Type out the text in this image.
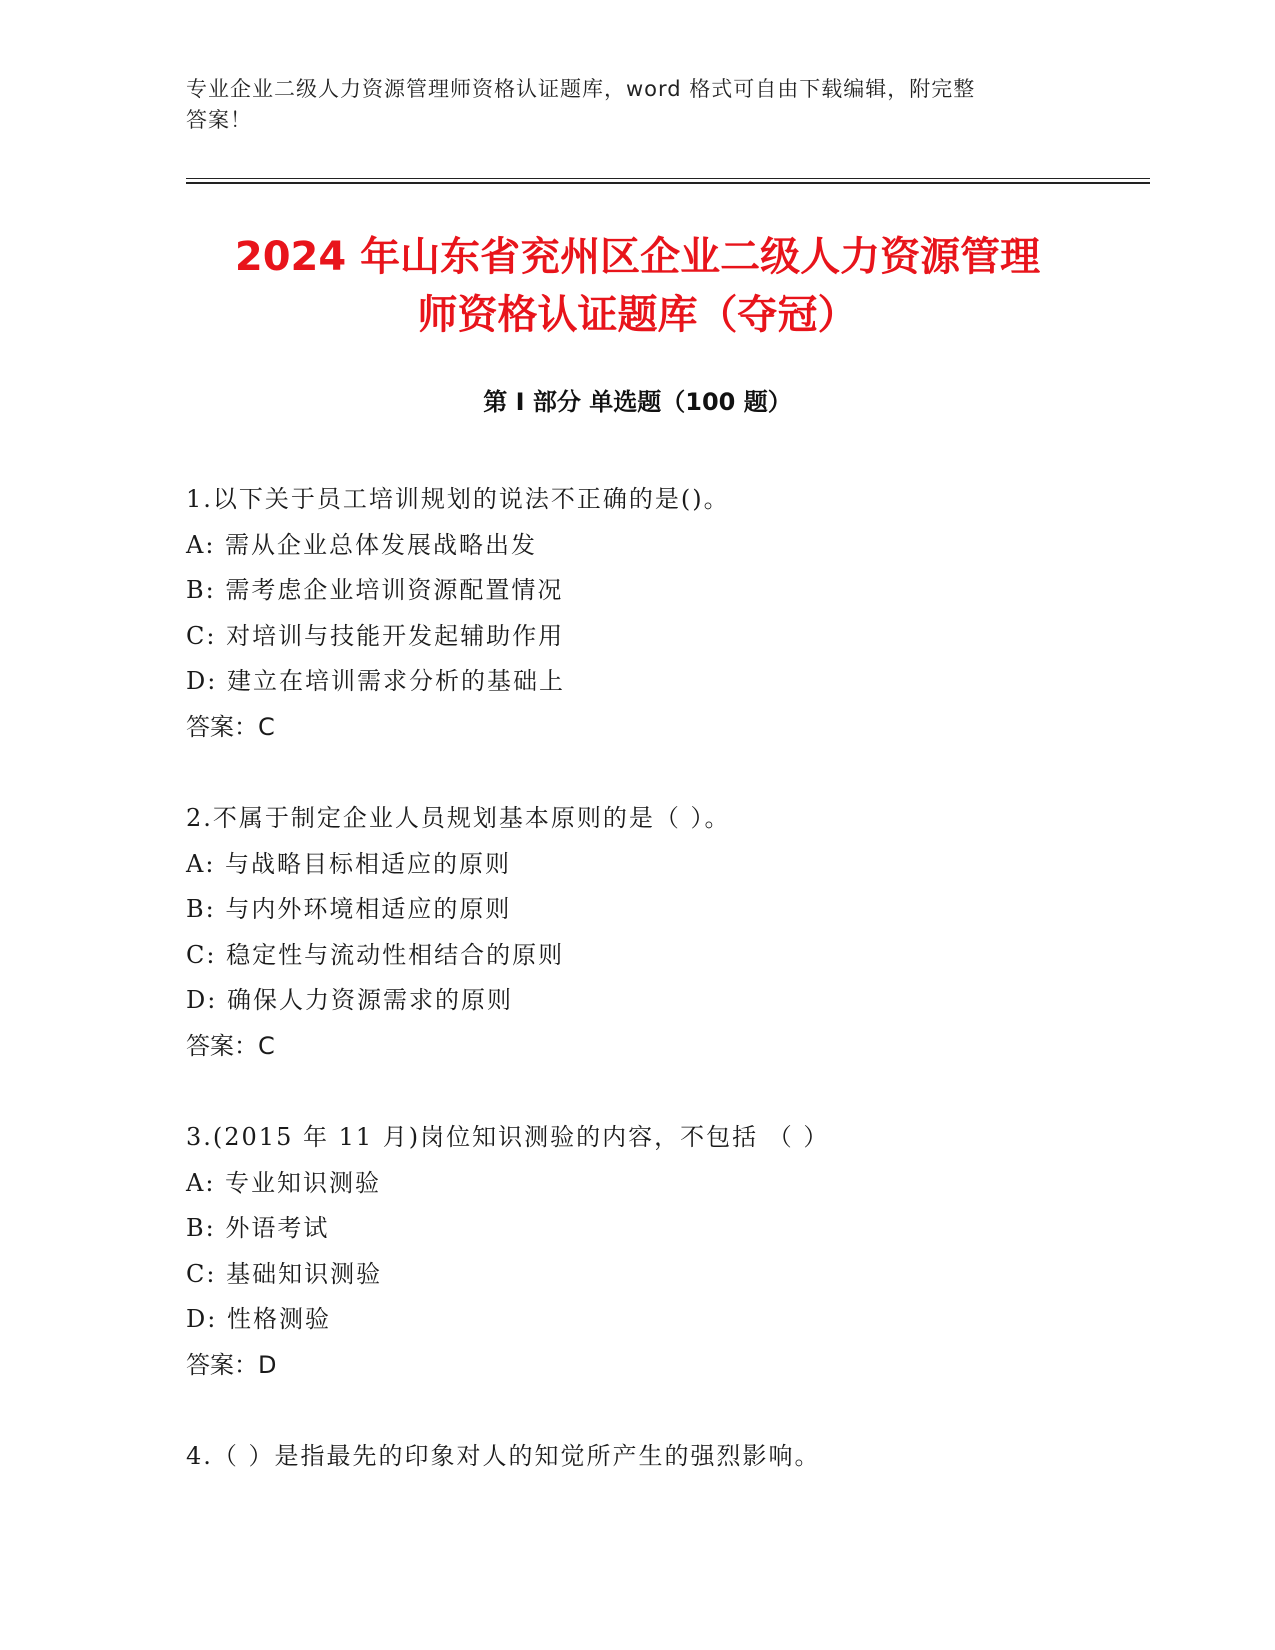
专业企业二级人力资源管理师资格认证题库，word 格式可自由下载编辑，附完整
答案！
2024 年山东省兖州区企业二级人力资源管理
师资格认证题库（夺冠）
第 I 部分 单选题（100 题）
1.以下关于员工培训规划的说法不正确的是()。
A: 需从企业总体发展战略出发
B: 需考虑企业培训资源配置情况
C: 对培训与技能开发起辅助作用
D: 建立在培训需求分析的基础上
答案：C
2.不属于制定企业人员规划基本原则的是（ ）。
A: 与战略目标相适应的原则
B: 与内外环境相适应的原则
C: 稳定性与流动性相结合的原则
D: 确保人力资源需求的原则
答案：C
3.(2015 年 11 月)岗位知识测验的内容，不包括 （ ）
A: 专业知识测验
B: 外语考试
C: 基础知识测验
D: 性格测验
答案：D
4.（ ）是指最先的印象对人的知觉所产生的强烈影响。
